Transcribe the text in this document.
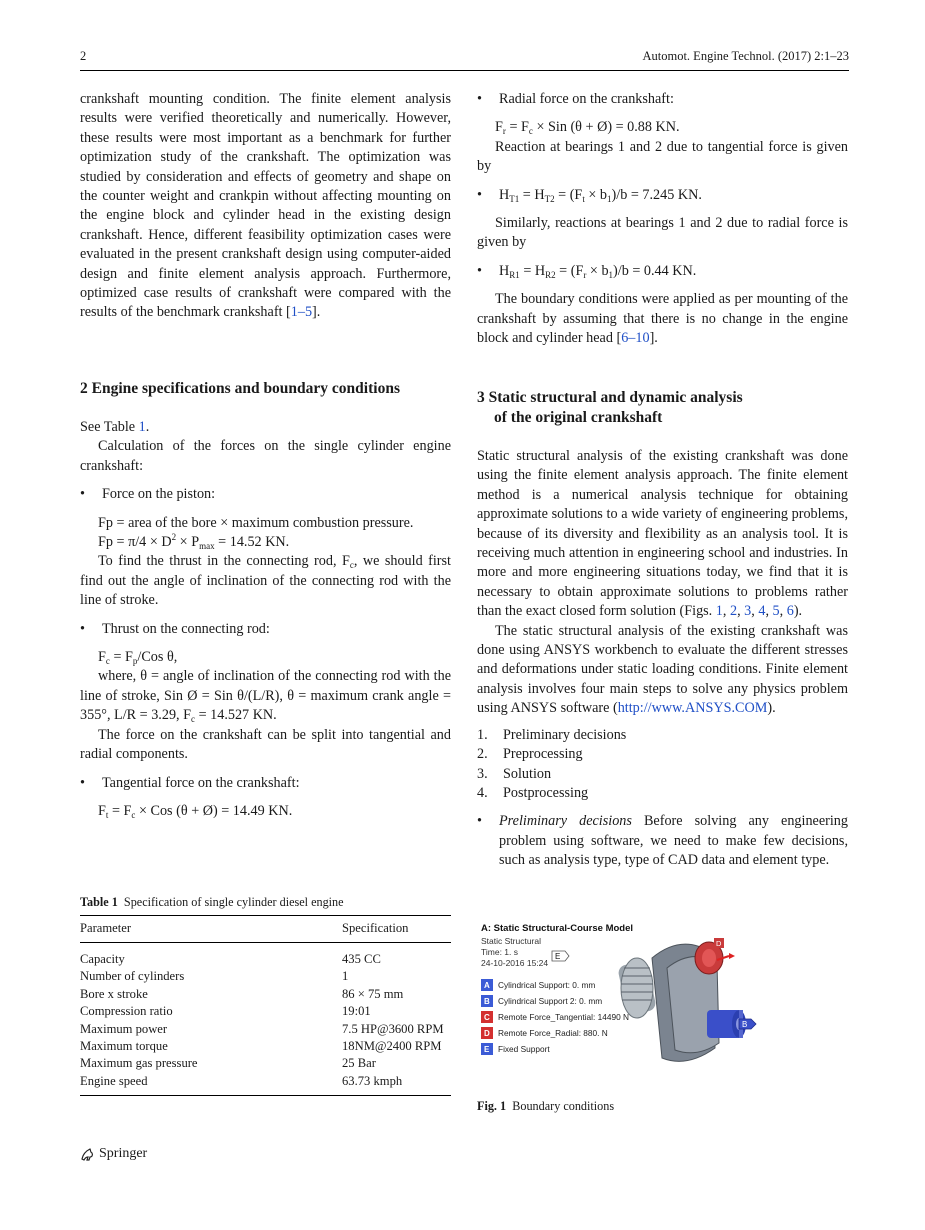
2	Automot. Engine Technol. (2017) 2:1–23

crankshaft mounting condition. The finite element analysis results were verified theoretically and numerically. However, these results were most important as a benchmark for further optimization study of the crankshaft. The optimization was studied by consideration and effects of geometry and shape on the counter weight and crankpin without affecting mounting on the engine block and cylinder head in the existing design crankshaft. Hence, different feasibility optimization cases were evaluated in the present crankshaft design using computer-aided design and finite element analysis approach. Furthermore, optimized case results of crankshaft were compared with the results of the benchmark crankshaft [1–5].

2 Engine specifications and boundary conditions

See Table 1.

Calculation of the forces on the single cylinder engine crankshaft:

• Force on the piston:

Fp = area of the bore × maximum combustion pressure.

$Fp = \pi/4 \times D^2 \times P_{max} = 14.52$ KN.

To find the thrust in the connecting rod, $F_c$, we should first find out the angle of inclination of the connecting rod with the line of stroke.

• Thrust on the connecting rod:

$F_c = F_p/Cos$ θ,

where, θ = angle of inclination of the connecting rod with the line of stroke, Sin Ø = Sin θ/(L/R), θ = maximum crank angle = 355°, L/R = 3.29, $F_c = 14.527$ KN.

The force on the crankshaft can be split into tangential and radial components.

• Tangential force on the crankshaft:

$F_t = F_c$ × Cos (θ + Ø) = 14.49 KN.

Table 1 Specification of single cylinder diesel engine
Parameter	Specification
Capacity	435 CC
Number of cylinders	1
Bore x stroke	86 × 75 mm
Compression ratio	19:01
Maximum power	7.5 HP@3600 RPM
Maximum torque	18NM@2400 RPM
Maximum gas pressure	25 Bar
Engine speed	63.73 kmph
Springer

• Radial force on the crankshaft:

$F_r = F_c$ × Sin (θ + Ø) = 0.88 KN.

Reaction at bearings 1 and 2 due to tangential force is given by

• $H_{T1} = H_{T2} = (F_t \times b_1)/b = 7.245$ KN.

Similarly, reactions at bearings 1 and 2 due to radial force is given by

• $H_{R1} = H_{R2} = (F_r \times b_1)/b = 0.44$ KN.

The boundary conditions were applied as per mounting of the crankshaft by assuming that there is no change in the engine block and cylinder head [6–10].

3 Static structural and dynamic analysis
of the original crankshaft

Static structural analysis of the existing crankshaft was done using the finite element analysis approach. The finite element method is a numerical analysis technique for obtaining approximate solutions to a wide variety of engineering problems, because of its diversity and flexibility as an analysis tool. It is receiving much attention in engineering school and industries. In more and more engineering situations today, we find that it is necessary to obtain approximate solutions to problems rather than the exact closed form solution (Figs. 1, 2, 3, 4, 5, 6).

The static structural analysis of the existing crankshaft was done using ANSYS workbench to evaluate the different stresses and deformations under static loading conditions. Finite element analysis involves four main steps to solve any physics problem using ANSYS software (http://www.ANSYS.COM).

1. Preliminary decisions
2. Preprocessing
3. Solution
4. Postprocessing

• Preliminary decisions Before solving any engineering problem using software, we need to make few decisions, such as analysis type, type of CAD data and element type.

A: Static Structural-Course Model
Static Structural
Time: 1. s
24-10-2016 15:24
E
D
B
A Cylindrical Support: 0. mm
B Cylindrical Support 2: 0. mm
C Remote Force_Tangential: 14490 N
D Remote Force_Radial: 880. N
E Fixed Support
Fig. 1 Boundary conditions
